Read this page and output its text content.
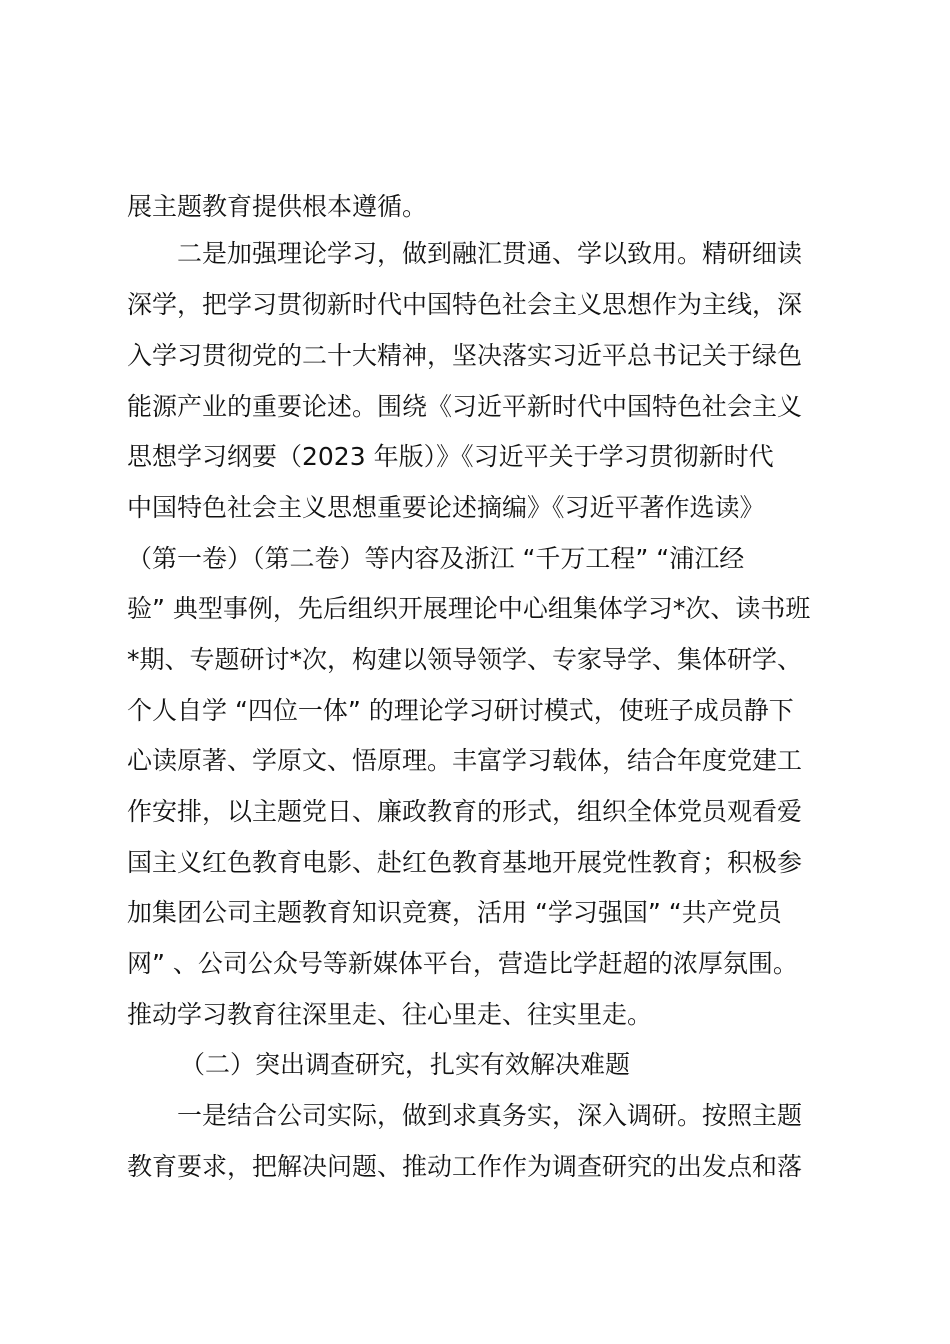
展主题教育提供根本遵循。
二是加强理论学习，做到融汇贯通、学以致用。精研细读
深学，把学习贯彻新时代中国特色社会主义思想作为主线，深
入学习贯彻党的二十大精神，坚决落实习近平总书记关于绿色
能源产业的重要论述。围绕《习近平新时代中国特色社会主义
思想学习纲要（2023 年版）》《习近平关于学习贯彻新时代
中国特色社会主义思想重要论述摘编》《习近平著作选读》
（第一卷）（第二卷）等内容及浙江 “千万工程” “浦江经
验” 典型事例，先后组织开展理论中心组集体学习*次、读书班
*期、专题研讨*次，构建以领导领学、专家导学、集体研学、
个人自学 “四位一体” 的理论学习研讨模式，使班子成员静下
心读原著、学原文、悟原理。丰富学习载体，结合年度党建工
作安排，以主题党日、廉政教育的形式，组织全体党员观看爱
国主义红色教育电影、赴红色教育基地开展党性教育；积极参
加集团公司主题教育知识竞赛，活用 “学习强国” “共产党员
网” 、公司公众号等新媒体平台，营造比学赶超的浓厚氛围。
推动学习教育往深里走、往心里走、往实里走。
（二）突出调查研究，扎实有效解决难题
一是结合公司实际，做到求真务实，深入调研。按照主题
教育要求，把解决问题、推动工作作为调查研究的出发点和落
